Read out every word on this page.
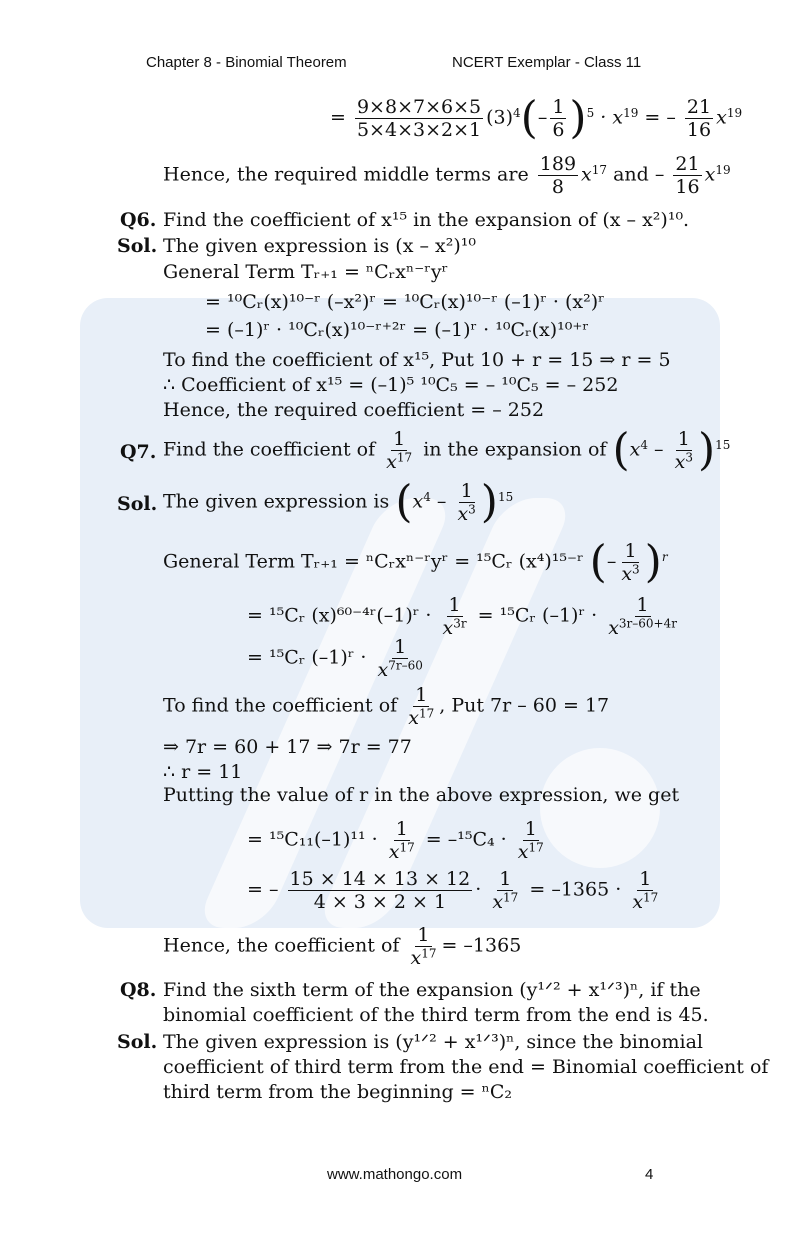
Chapter 8 - Binomial Theorem	NCERT Exemplar - Class 11
= $\frac{9\times 8\times 7\times 6\times 5}{5\times 4\times 3\times 2\times 1} (3)^4(- \frac{1}{6} )^5 \cdot x^{19}$ = – $\frac{21}{16} x^{19}$
Hence, the required middle terms are $\frac{189}{8} x^{17}$ and – $\frac{21}{16} x^{19}$
Q6. Find the coefficient of x¹⁵ in the expansion of (x – x²)¹⁰.
Sol. The given expression is (x – x²)¹⁰
General Term Tᵣ₊₁ = ⁿCᵣxⁿ⁻ʳyʳ
= ¹⁰Cᵣ(x)¹⁰⁻ʳ (–x²)ʳ = ¹⁰Cᵣ(x)¹⁰⁻ʳ (–1)ʳ · (x²)ʳ
= (–1)ʳ · ¹⁰Cᵣ(x)¹⁰⁻ʳ⁺²ʳ = (–1)ʳ · ¹⁰Cᵣ(x)¹⁰⁺ʳ
To find the coefficient of x¹⁵, Put 10 + r = 15 ⇒ r = 5
∴ Coefficient of x¹⁵ = (–1)⁵ ¹⁰C₅ = – ¹⁰C₅ = – 252
Hence, the required coefficient = – 252
Q7. Find the coefficient of $\frac{1}{x^{17}}$ in the expansion of $(x^4 - \frac{1}{x^3} )^{15}$
Sol. The given expression is $(x^4 - \frac{1}{x^3} )^{15}$
General Term Tᵣ₊₁ = ⁿCᵣxⁿ⁻ʳyʳ = ¹⁵Cᵣ (x⁴)¹⁵⁻ʳ (– $\frac{1}{x^3} )^r$
= ¹⁵Cᵣ (x)⁶⁰⁻⁴ʳ(–1)ʳ · $\frac{1}{x^{3r}}$ = ¹⁵Cᵣ (–1)ʳ · $\frac{1}{x^{3r-60+4r}}$
= ¹⁵Cᵣ (–1)ʳ · $\frac{1}{x^{7r-60}}$
To find the coefficient of $\frac{1}{x^{17}}$ , Put 7r – 60 = 17
⇒ 7r = 60 + 17 ⇒ 7r = 77
∴ r = 11
Putting the value of r in the above expression, we get
= $^{15}C_{11}(-1)^{11} \cdot \frac{1}{x^{17}} = -^{15}C_4 \cdot \frac{1}{x^{17}}$
= – $\frac{15 \times 14 \times 13 \times 12}{4 \times 3 \times 2 \times 1} \cdot \frac{1}{x^{17}} = -1365 \cdot \frac{1}{x^{17}}$
Hence, the coefficient of $\frac{1}{x^{17}} = -1365$
Q8. Find the sixth term of the expansion (y¹ᐟ² + x¹ᐟ³)ⁿ, if the
binomial coefficient of the third term from the end is 45.
Sol. The given expression is (y¹ᐟ² + x¹ᐟ³)ⁿ, since the binomial
coefficient of third term from the end = Binomial coefficient of
third term from the beginning = ⁿC₂
www.mathongo.com	4
